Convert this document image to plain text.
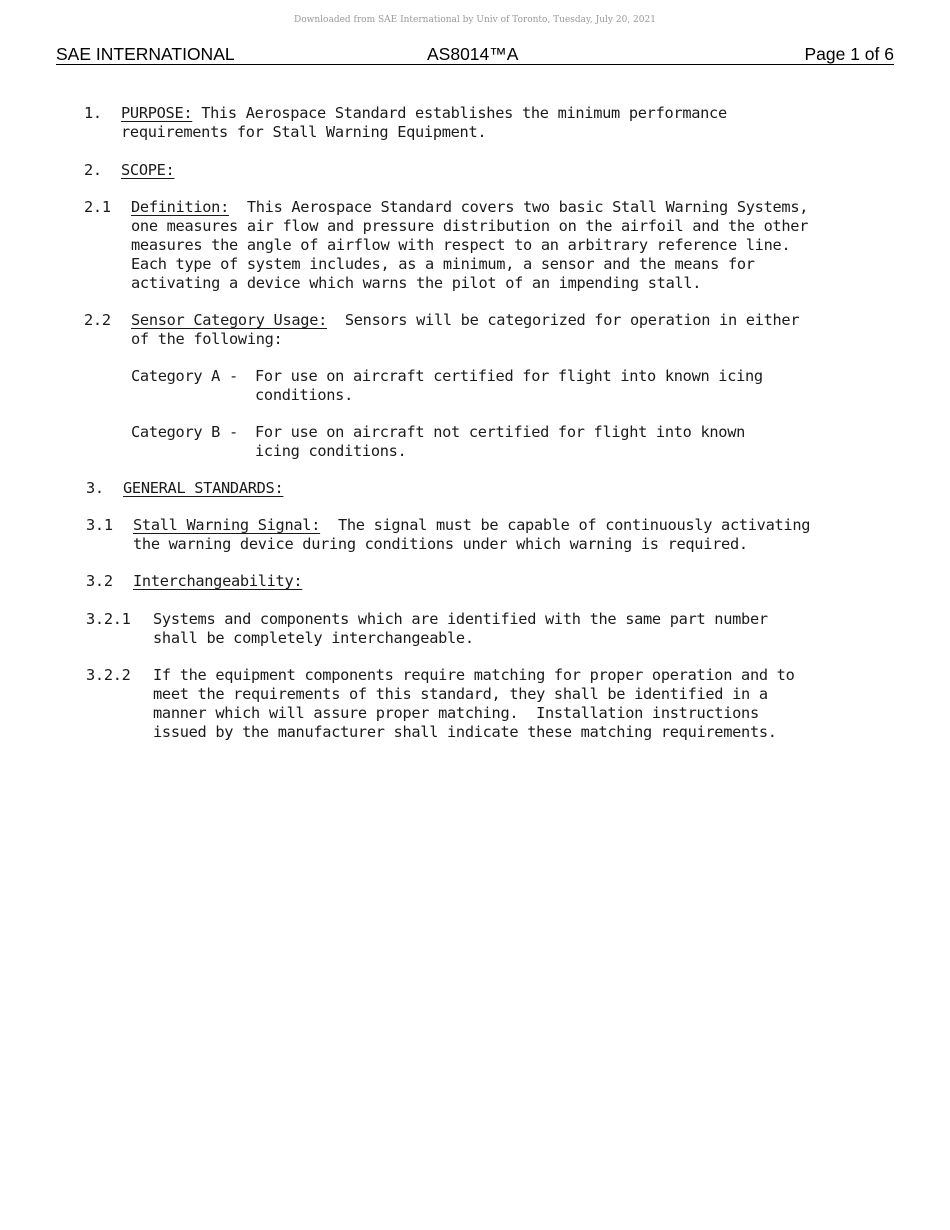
Downloaded from SAE International by Univ of Toronto, Tuesday, July 20, 2021
SAE INTERNATIONAL	AS8014™A	Page 1 of 6
1. PURPOSE: This Aerospace Standard establishes the minimum performance
requirements for Stall Warning Equipment.
2. SCOPE:
2.1 Definition: This Aerospace Standard covers two basic Stall Warning Systems,
one measures air flow and pressure distribution on the airfoil and the other
measures the angle of airflow with respect to an arbitrary reference line.
Each type of system includes, as a minimum, a sensor and the means for
activating a device which warns the pilot of an impending stall.
2.2 Sensor Category Usage: Sensors will be categorized for operation in either
of the following:
Category A - For use on aircraft certified for flight into known icing
conditions.
Category B - For use on aircraft not certified for flight into known
icing conditions.
3. GENERAL STANDARDS:
3.1 Stall Warning Signal: The signal must be capable of continuously activating
the warning device during conditions under which warning is required.
3.2 Interchangeability:
3.2.1 Systems and components which are identified with the same part number
shall be completely interchangeable.
3.2.2 If the equipment components require matching for proper operation and to
meet the requirements of this standard, they shall be identified in a
manner which will assure proper matching.  Installation instructions
issued by the manufacturer shall indicate these matching requirements.
